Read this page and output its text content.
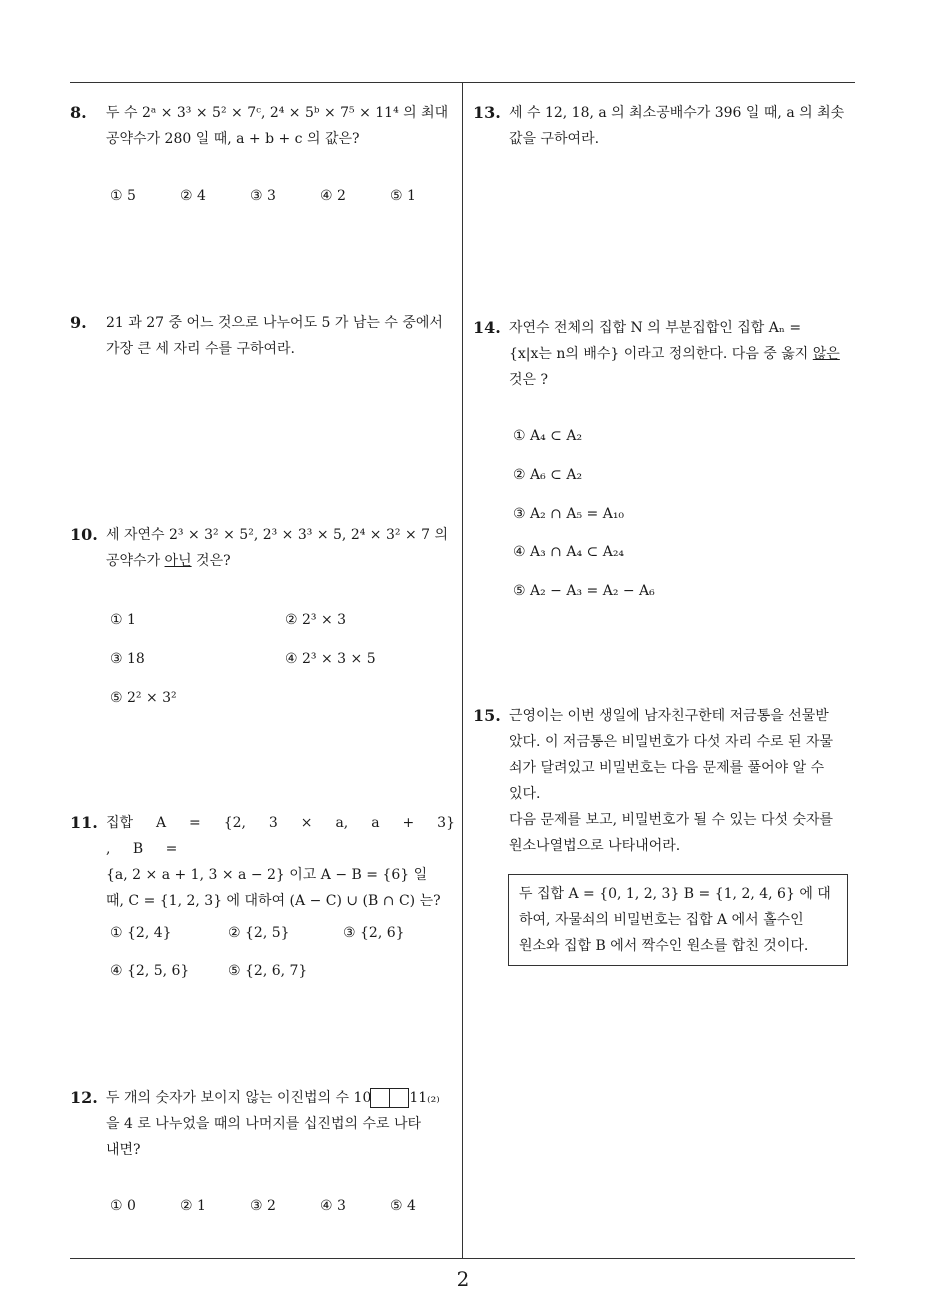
8. 두 수 2ᵃ × 3³ × 5² × 7ᶜ, 2⁴ × 5ᵇ × 7⁵ × 11⁴ 의 최대
공약수가 280 일 때, a + b + c 의 값은?
① 5	② 4	③ 3	④ 2	⑤ 1
9. 21 과 27 중 어느 것으로 나누어도 5 가 남는 수 중에서
가장 큰 세 자리 수를 구하여라.
10. 세 자연수 2³ × 3² × 5², 2³ × 3³ × 5, 2⁴ × 3² × 7 의
공약수가 아닌 것은?
① 1	② 2³ × 3
③ 18	④ 2³ × 3 × 5
⑤ 2² × 3²
11. 집합 A = {2, 3 × a, a + 3} , B =
{a, 2 × a + 1, 3 × a − 2} 이고 A − B = {6} 일
때, C = {1, 2, 3} 에 대하여 (A − C) ∪ (B ∩ C) 는?
① {2, 4}	② {2, 5}	③ {2, 6}
④ {2, 5, 6}	⑤ {2, 6, 7}
12. 두 개의 숫자가 보이지 않는 이진법의 수 10	11₍₂₎
을 4 로 나누었을 때의 나머지를 십진법의 수로 나타
내면?
① 0	② 1	③ 2	④ 3	⑤ 4
13. 세 수 12, 18, a 의 최소공배수가 396 일 때, a 의 최솟
값을 구하여라.
14. 자연수 전체의 집합 N 의 부분집합인 집합 Aₙ =
{x|x는 n의 배수} 이라고 정의한다. 다음 중 옳지 않은
것은 ?
① A₄ ⊂ A₂
② A₆ ⊂ A₂
③ A₂ ∩ A₅ = A₁₀
④ A₃ ∩ A₄ ⊂ A₂₄
⑤ A₂ − A₃ = A₂ − A₆
15. 근영이는 이번 생일에 남자친구한테 저금통을 선물받
았다. 이 저금통은 비밀번호가 다섯 자리 수로 된 자물
쇠가 달려있고 비밀번호는 다음 문제를 풀어야 알 수
있다.
다음 문제를 보고, 비밀번호가 될 수 있는 다섯 숫자를
원소나열법으로 나타내어라.
두 집합 A = {0, 1, 2, 3} B = {1, 2, 4, 6} 에 대
하여, 자물쇠의 비밀번호는 집합 A 에서 홀수인
원소와 집합 B 에서 짝수인 원소를 합친 것이다.
2
